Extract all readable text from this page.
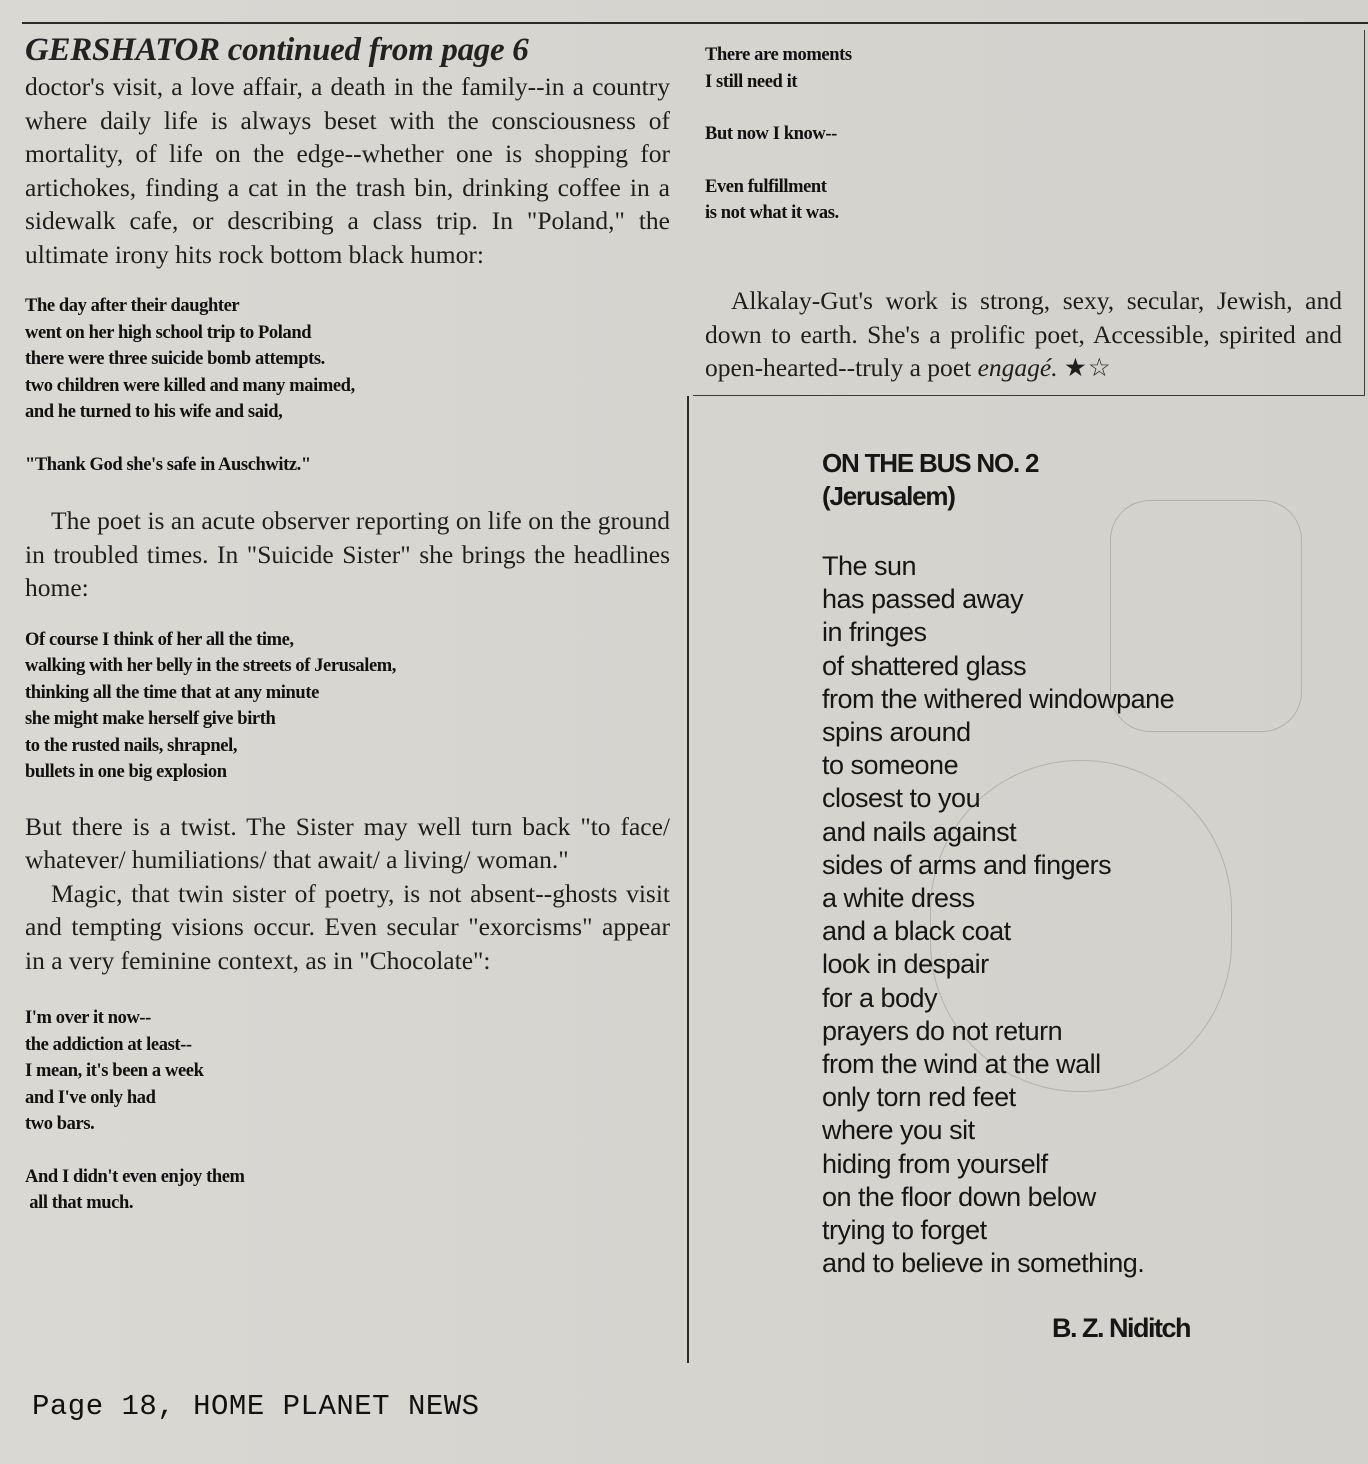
GERSHATOR continued from page 6

doctor's visit, a love affair, a death in the family--in a country where daily life is always beset with the consciousness of mortality, of life on the edge--whether one is shopping for artichokes, finding a cat in the trash bin, drinking coffee in a sidewalk cafe, or describing a class trip. In "Poland," the ultimate irony hits rock bottom black humor:

The day after their daughter
went on her high school trip to Poland
there were three suicide bomb attempts.
two children were killed and many maimed,
and he turned to his wife and said,
"Thank God she's safe in Auschwitz."

The poet is an acute observer reporting on life on the ground in troubled times. In "Suicide Sister" she brings the headlines home:

Of course I think of her all the time,
walking with her belly in the streets of Jerusalem,
thinking all the time that at any minute
she might make herself give birth
to the rusted nails, shrapnel,
bullets in one big explosion

But there is a twist. The Sister may well turn back "to face/ whatever/ humiliations/ that await/ a living/ woman."

Magic, that twin sister of poetry, is not absent--ghosts visit and tempting visions occur. Even secular "exorcisms" appear in a very feminine context, as in "Chocolate":

I'm over it now--
the addiction at least--
I mean, it's been a week
and I've only had
two bars.
And I didn't even enjoy them
all that much.
There are moments
I still need it
But now I know--
Even fulfillment
is not what it was.

Alkalay-Gut's work is strong, sexy, secular, Jewish, and down to earth. She's a prolific poet, Accessible, spirited and open-hearted--truly a poet engagé. ★☆

ON THE BUS NO. 2
(Jerusalem)

The sun
has passed away
in fringes
of shattered glass
from the withered windowpane
spins around
to someone
closest to you
and nails against
sides of arms and fingers
a white dress
and a black coat
look in despair
for a body
prayers do not return
from the wind at the wall
only torn red feet
where you sit
hiding from yourself
on the floor down below
trying to forget
and to believe in something.
B. Z. Niditch
Page 18, HOME PLANET NEWS
